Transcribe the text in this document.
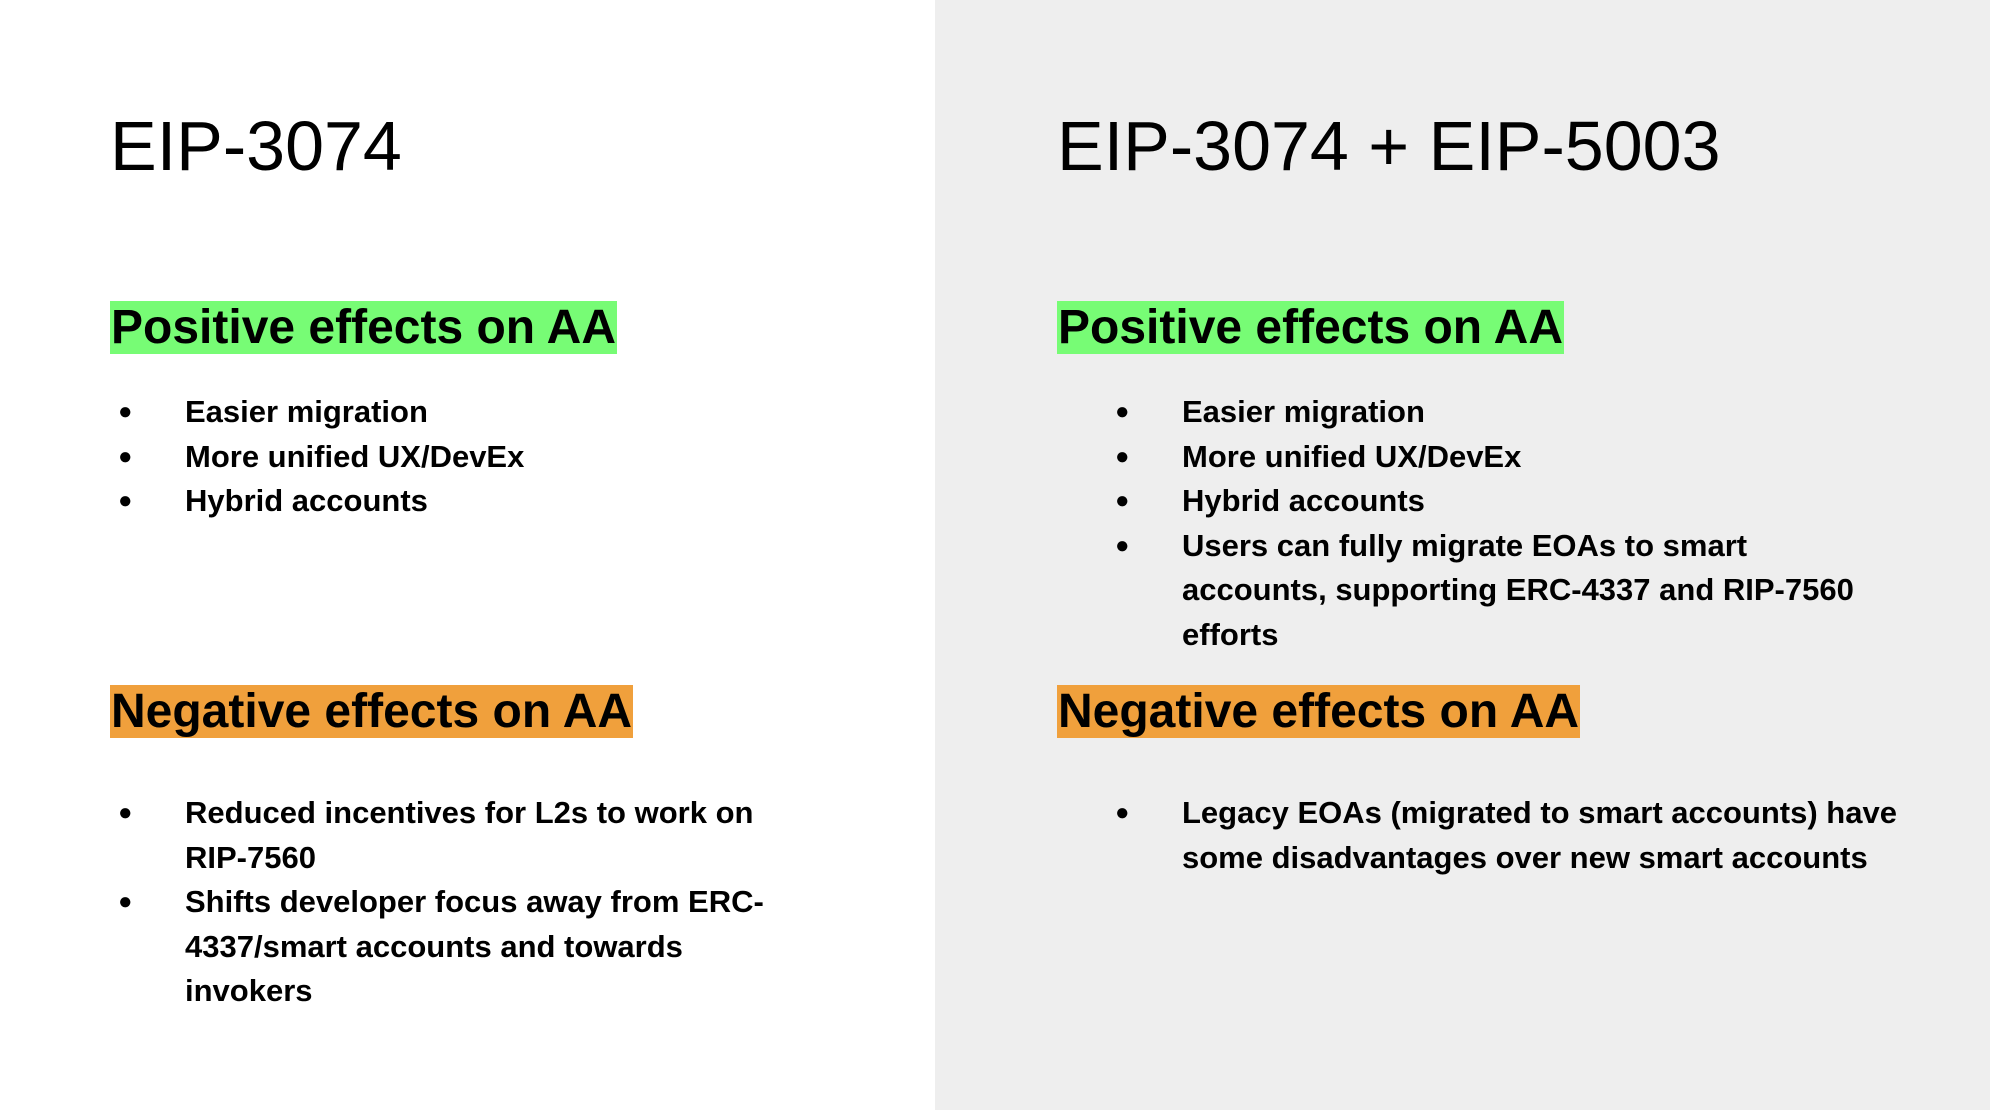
EIP-3074
Positive effects on AA
● Easier migration
● More unified UX/DevEx
● Hybrid accounts
Negative effects on AA
● Reduced incentives for L2s to work on RIP-7560
● Shifts developer focus away from ERC-4337/smart accounts and towards invokers
EIP-3074 + EIP-5003
Positive effects on AA
● Easier migration
● More unified UX/DevEx
● Hybrid accounts
● Users can fully migrate EOAs to smart accounts, supporting ERC-4337 and RIP-7560 efforts
Negative effects on AA
● Legacy EOAs (migrated to smart accounts) have some disadvantages over new smart accounts
